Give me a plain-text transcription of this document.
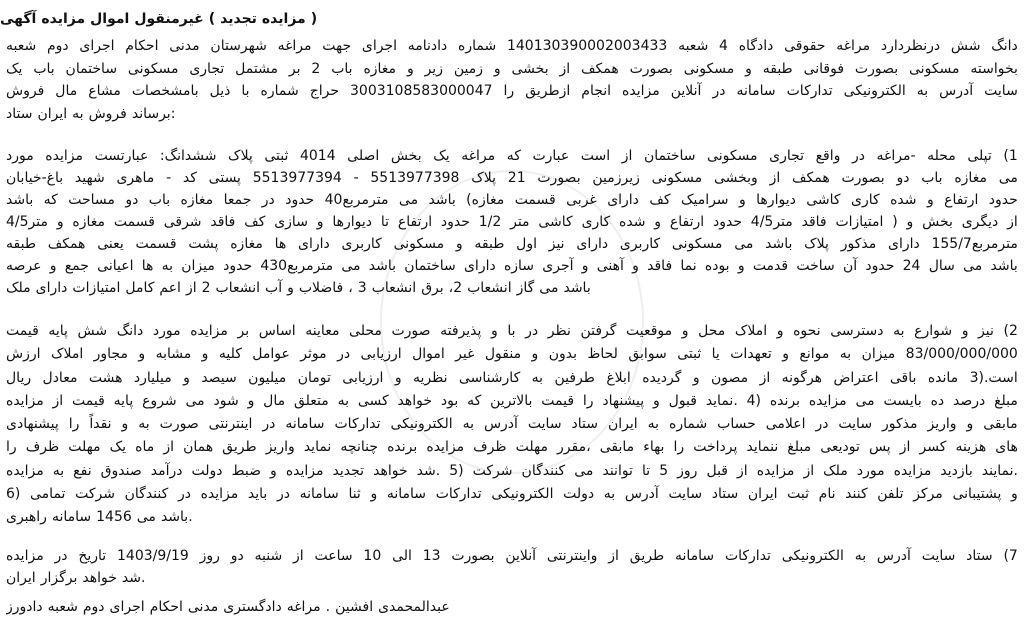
آگهی مزایده اموال غیرمنقول ( تجدید مزایده )
شعبه دوم اجرای احکام مدنی شهرستان مراغه جهت اجرای دادنامه شماره 140130390002003433 شعبه 4 دادگاه حقوقی مراغه درنظردارد شش دانگ
یک باب ساختمان مسکونی تجاری مشتمل بر 2 باب مغازه و زیر زمین و بخشی از همکف بصورت مسکونی و طبقه فوقانی بصورت مسکونی بخواسته
فروش مال مشاع بامشخصات ذیل با شماره حراج 3003108583000047 را ازطریق انجام مزایده آنلاین در سامانه تدارکات الکترونیکی به آدرس سایت
ستاد ایران به فروش برساند:
مورد مزایده عبارتست :ششدانگ پلاک ثبتی 4014 اصلی بخش یک مراغه که عبارت است از ساختمان مسکونی تجاری واقع در مراغه- محله تپلی (1
باغ-خیابان شهید ماهری - کد پستی 5513977394 - 5513977398 پلاک 21 بصورت زیرزمین مسکونی وبخشی از همکف بصورت دو باب مغازه می
باشد که مساحت دو باب مغازه جمعا در حدود 40مترمربع می باشد (مغازه قسمت غربی دارای کف سرامیک و دیوارها کاشی کاری شده و ارتفاع حدود
4/5متر و مغازه قسمت شرقی فاقد کف سازی و دیوارها تا ارتفاع حدود 1/2 متر کاشی کاری شده و ارتفاع حدود 4/5متر فاقد امتیازات ) و بخش دیگری از
طبقه همکف یعنی قسمت پشت مغازه ها دارای کاربری مسکونی و طبقه اول نیز دارای کاربری مسکونی می باشد پلاک مذکور دارای 155/7مترمربع
عرصه و جمع اعیانی ها به میزان حدود 430مترمربع می باشد ساختمان دارای سازه آجری و آهنی و فاقد نما بوده و قدمت ساخت آن حدود 24 سال می باشد
ملک دارای امتیازات کامل اعم از 2 انشعاب آب و فاضلاب ، 3 انشعاب برق ،2 انشعاب گاز می باشد
قیمت پایه شش دانگ مورد مزایده بر اساس معاینه محلی صورت پذیرفته و با در نظر گرفتن موقعیت و محل املاک و نحوه دسترسی به شوارع و نیز (2
ارزش املاک مجاور و مشابه و کلیه عوامل موثر در ارزیابی اموال غیر منقول و بدون لحاظ سوابق ثبتی یا تعهدات و موانع به میزان 83/000/000/000
ریال معادل هشت میلیارد و سیصد میلیون تومان ارزیابی و نظریه کارشناسی به طرفین ابلاغ گردیده و مصون از هرگونه اعتراض باقی مانده است.(3
مزایده از قیمت پایه شروع می شود و مال متعلق به کسی خواهد بود که بالاترین قیمت را پیشنهاد و قبول نماید. 4) برنده مزایده می بایست ده درصد مبلغ
پیشنهادی را نقداً و به صورت اینترنتی در سامانه تدارکات الکترونیکی به آدرس سایت ستاد ایران به شماره حساب اعلامی در سایت مذکور واریز و مابقی
را ظرف مهلت یک ماه از همان طریق واریز نماید چنانچه برنده مزایده ظرف مهلت مقرر، مابقی بهاء را پرداخت ننماید مبلغ تودیعی پس از کسر هزینه های
مزایده به نفع صندوق درآمد دولت ضبط و مزایده تجدید خواهد شد. 5) شرکت کنندگان می توانند تا 5 روز قبل از مزایده از ملک مورد مزایده بازدید نمایند.
6) تمامی شرکت کنندگان در مزایده باید در سامانه ثنا و سامانه تدارکات الکترونیکی دولت به آدرس سایت ستاد ایران ثبت نام کنند تلفن مرکز پشتیبانی و
راهبری سامانه 1456 می باشد.
مزایده در تاریخ 1403/9/19 روز دو شنبه از ساعت 10 الی 13 بصورت آنلاین واینترنتی از طریق سامانه تدارکات الکترونیکی به آدرس سایت ستاد (7
ایران برگزار خواهد شد.
دادورز شعبه دوم اجرای احکام مدنی دادگستری مراغه . افشین عبدالمحمدی
